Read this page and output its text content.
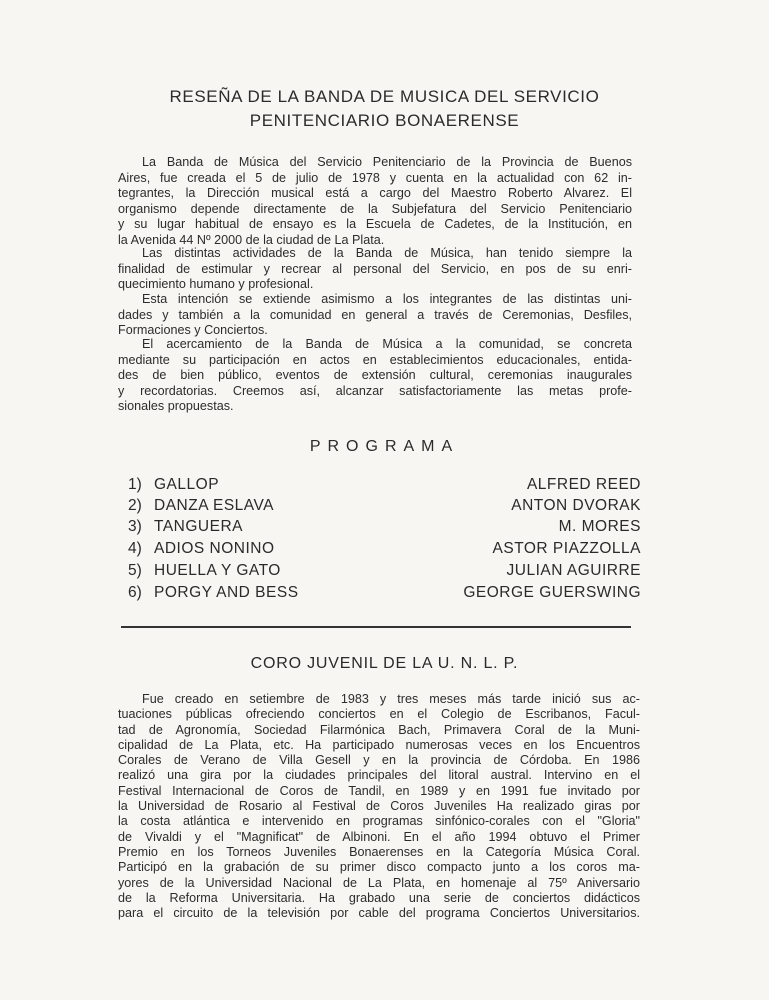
RESEÑA DE LA BANDA DE MUSICA DEL SERVICIO
PENITENCIARIO BONAERENSE
La Banda de Música del Servicio Penitenciario de la Provincia de Buenos
Aires, fue creada el 5 de julio de 1978 y cuenta en la actualidad con 62 in-
tegrantes, la Dirección musical está a cargo del Maestro Roberto Alvarez. El
organismo depende directamente de la Subjefatura del Servicio Penitenciario
y su lugar habitual de ensayo es la Escuela de Cadetes, de la Institución, en
la Avenida 44 Nº 2000 de la ciudad de La Plata.
Las distintas actividades de la Banda de Música, han tenido siempre la
finalidad de estimular y recrear al personal del Servicio, en pos de su enri-
quecimiento humano y profesional.
Esta intención se extiende asimismo a los integrantes de las distintas uni-
dades y también a la comunidad en general a través de Ceremonias, Desfiles,
Formaciones y Conciertos.
El acercamiento de la Banda de Música a la comunidad, se concreta
mediante su participación en actos en establecimientos educacionales, entida-
des de bien público, eventos de extensión cultural, ceremonias inaugurales
y recordatorias. Creemos así, alcanzar satisfactoriamente las metas profe-
sionales propuestas.
PROGRAMA
1) GALLOP	ALFRED REED
2) DANZA ESLAVA	ANTON DVORAK
3) TANGUERA	M. MORES
4) ADIOS NONINO	ASTOR PIAZZOLLA
5) HUELLA Y GATO	JULIAN AGUIRRE
6) PORGY AND BESS	GEORGE GUERSWING
CORO JUVENIL DE LA U. N. L. P.
Fue creado en setiembre de 1983 y tres meses más tarde inició sus ac-
tuaciones públicas ofreciendo conciertos en el Colegio de Escribanos, Facul-
tad de Agronomía, Sociedad Filarmónica Bach, Primavera Coral de la Muni-
cipalidad de La Plata, etc. Ha participado numerosas veces en los Encuentros
Corales de Verano de Villa Gesell y en la provincia de Córdoba. En 1986
realizó una gira por la ciudades principales del litoral austral. Intervino en el
Festival Internacional de Coros de Tandil, en 1989 y en 1991 fue invitado por
la Universidad de Rosario al Festival de Coros Juveniles Ha realizado giras por
la costa atlántica e intervenido en programas sinfónico-corales con el "Gloria"
de Vivaldi y el "Magnificat" de Albinoni. En el año 1994 obtuvo el Primer
Premio en los Torneos Juveniles Bonaerenses en la Categoría Música Coral.
Participó en la grabación de su primer disco compacto junto a los coros ma-
yores de la Universidad Nacional de La Plata, en homenaje al 75º Aniversario
de la Reforma Universitaria. Ha grabado una serie de conciertos didácticos
para el circuito de la televisión por cable del programa Conciertos Universitarios.
